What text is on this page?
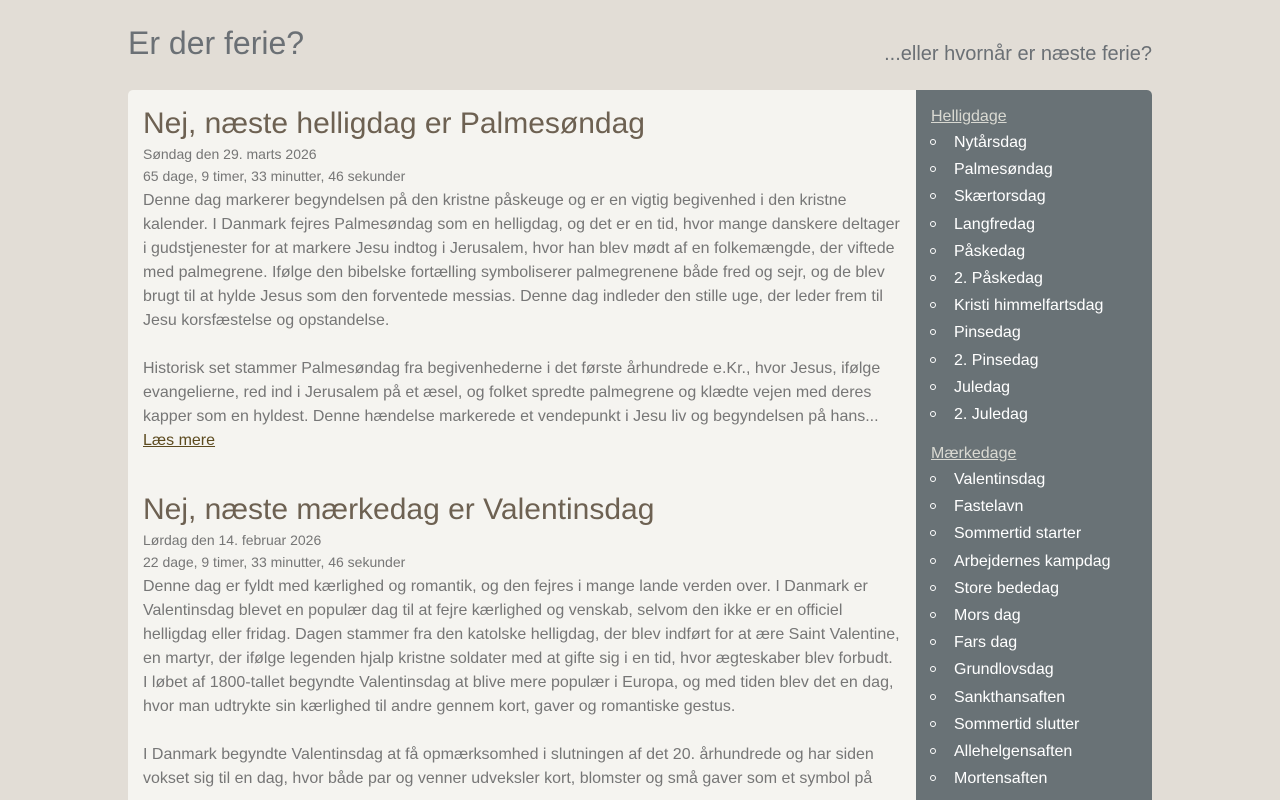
Er der ferie?	...eller hvornår er næste ferie?
Nej, næste helligdag er Palmesøndag
Søndag den 29. marts 2026
65 dage, 9 timer, 33 minutter, 46 sekunder

Denne dag markerer begyndelsen på den kristne påskeuge og er en vigtig begivenhed i den kristne kalender. I Danmark fejres Palmesøndag som en helligdag, og det er en tid, hvor mange danskere deltager i gudstjenester for at markere Jesu indtog i Jerusalem, hvor han blev mødt af en folkemængde, der viftede med palmegrene. Ifølge den bibelske fortælling symboliserer palmegrenene både fred og sejr, og de blev brugt til at hylde Jesus som den forventede messias. Denne dag indleder den stille uge, der leder frem til Jesu korsfæstelse og opstandelse.

Historisk set stammer Palmesøndag fra begivenhederne i det første århundrede e.Kr., hvor Jesus, ifølge evangelierne, red ind i Jerusalem på et æsel, og folket spredte palmegrene og klædte vejen med deres kapper som en hyldest. Denne hændelse markerede et vendepunkt i Jesu liv og begyndelsen på hans...

Læs mere
Nej, næste mærkedag er Valentinsdag
Lørdag den 14. februar 2026
22 dage, 9 timer, 33 minutter, 46 sekunder

Denne dag er fyldt med kærlighed og romantik, og den fejres i mange lande verden over. I Danmark er Valentinsdag blevet en populær dag til at fejre kærlighed og venskab, selvom den ikke er en officiel helligdag eller fridag. Dagen stammer fra den katolske helligdag, der blev indført for at ære Saint Valentine, en martyr, der ifølge legenden hjalp kristne soldater med at gifte sig i en tid, hvor ægteskaber blev forbudt. I løbet af 1800-tallet begyndte Valentinsdag at blive mere populær i Europa, og med tiden blev det en dag, hvor man udtrykte sin kærlighed til andre gennem kort, gaver og romantiske gestus.

I Danmark begyndte Valentinsdag at få opmærksomhed i slutningen af det 20. århundrede og har siden vokset sig til en dag, hvor både par og venner udveksler kort, blomster og små gaver som et symbol på

Helligdage
Nytårsdag
Palmesøndag
Skærtorsdag
Langfredag
Påskedag
2. Påskedag
Kristi himmelfartsdag
Pinsedag
2. Pinsedag
Juledag
2. Juledag
Mærkedage
Valentinsdag
Fastelavn
Sommertid starter
Arbejdernes kampdag
Store bededag
Mors dag
Fars dag
Grundlovsdag
Sankthansaften
Sommertid slutter
Allehelgensaften
Mortensaften
